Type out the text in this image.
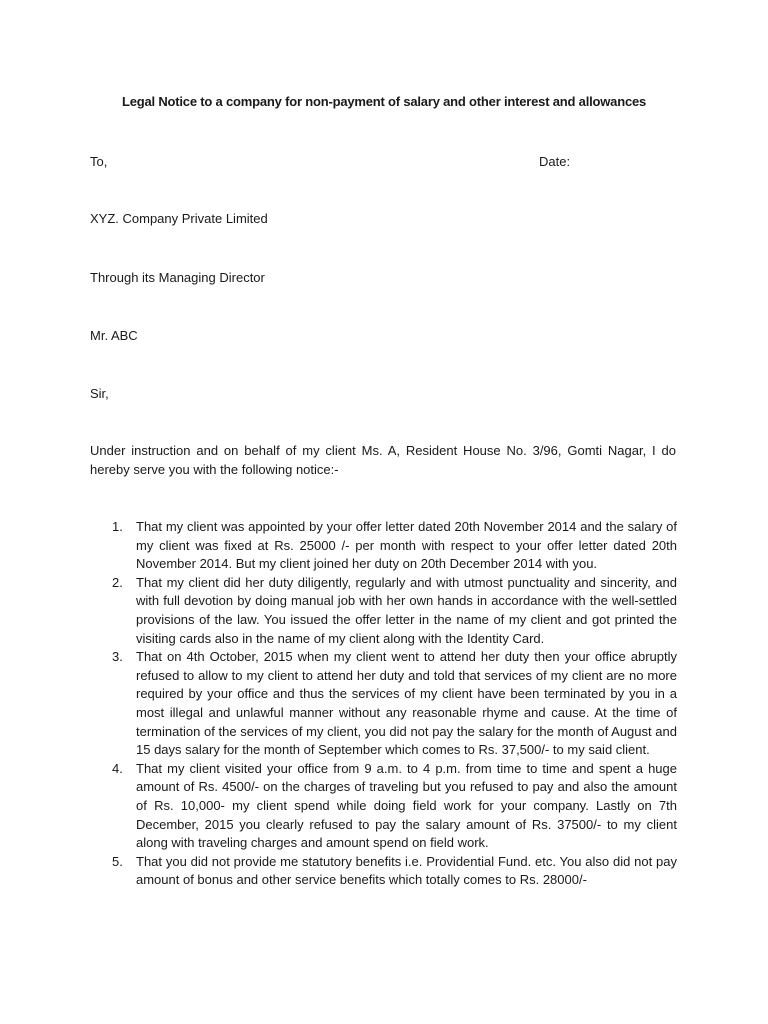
Legal Notice to a company for non-payment of salary and other interest and allowances
To,	Date:
XYZ. Company Private Limited
Through its Managing Director
Mr. ABC
Sir,
Under instruction and on behalf of my client Ms. A, Resident House No. 3/96, Gomti Nagar, I do hereby serve you with the following notice:-
1. That my client was appointed by your offer letter dated 20th November 2014 and the salary of my client was fixed at Rs. 25000 /- per month with respect to your offer letter dated 20th November 2014. But my client joined her duty on 20th December 2014 with you.
2. That my client did her duty diligently, regularly and with utmost punctuality and sincerity, and with full devotion by doing manual job with her own hands in accordance with the well-settled provisions of the law. You issued the offer letter in the name of my client and got printed the visiting cards also in the name of my client along with the Identity Card.
3. That on 4th October, 2015 when my client went to attend her duty then your office abruptly refused to allow to my client to attend her duty and told that services of my client are no more required by your office and thus the services of my client have been terminated by you in a most illegal and unlawful manner without any reasonable rhyme and cause. At the time of termination of the services of my client, you did not pay the salary for the month of August and 15 days salary for the month of September which comes to Rs. 37,500/- to my said client.
4. That my client visited your office from 9 a.m. to 4 p.m. from time to time and spent a huge amount of Rs. 4500/- on the charges of traveling but you refused to pay and also the amount of Rs. 10,000- my client spend while doing field work for your company. Lastly on 7th December, 2015 you clearly refused to pay the salary amount of Rs. 37500/- to my client along with traveling charges and amount spend on field work.
5. That you did not provide me statutory benefits i.e. Providential Fund. etc. You also did not pay amount of bonus and other service benefits which totally comes to Rs. 28000/-
